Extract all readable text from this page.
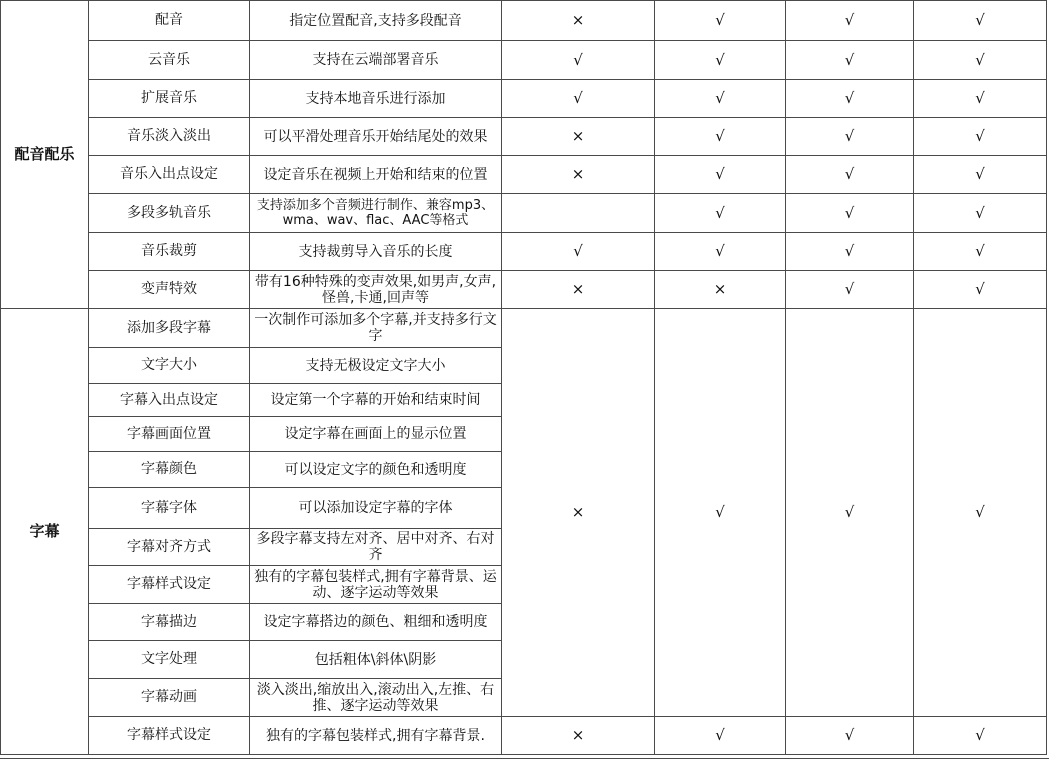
配音配乐	配音	指定位置配音,支持多段配音	×	√	√	√
	云音乐	支持在云端部署音乐	√	√	√	√
	扩展音乐	支持本地音乐进行添加	√	√	√	√
	音乐淡入淡出	可以平滑处理音乐开始结尾处的效果	×	√	√	√
	音乐入出点设定	设定音乐在视频上开始和结束的位置	×	√	√	√
	多段多轨音乐	支持添加多个音频进行制作、兼容mp3、wma、wav、flac、AAC等格式		√	√	√
	音乐裁剪	支持裁剪导入音乐的长度	√	√	√	√
	变声特效	带有16种特殊的变声效果,如男声,女声,怪兽,卡通,回声等	×	×	√	√
字幕	添加多段字幕	一次制作可添加多个字幕,并支持多行文字	×	√	√	√
	文字大小	支持无极设定文字大小				
	字幕入出点设定	设定第一个字幕的开始和结束时间				
	字幕画面位置	设定字幕在画面上的显示位置				
	字幕颜色	可以设定文字的颜色和透明度				
	字幕字体	可以添加设定字幕的字体				
	字幕对齐方式	多段字幕支持左对齐、居中对齐、右对齐				
	字幕样式设定	独有的字幕包装样式,拥有字幕背景、运动、逐字运动等效果				
	字幕描边	设定字幕搭边的颜色、粗细和透明度				
	文字处理	包括粗体\斜体\阴影				
	字幕动画	淡入淡出,缩放出入,滚动出入,左推、右推、逐字运动等效果				
	字幕样式设定	独有的字幕包装样式,拥有字幕背景.	×	√	√	√
